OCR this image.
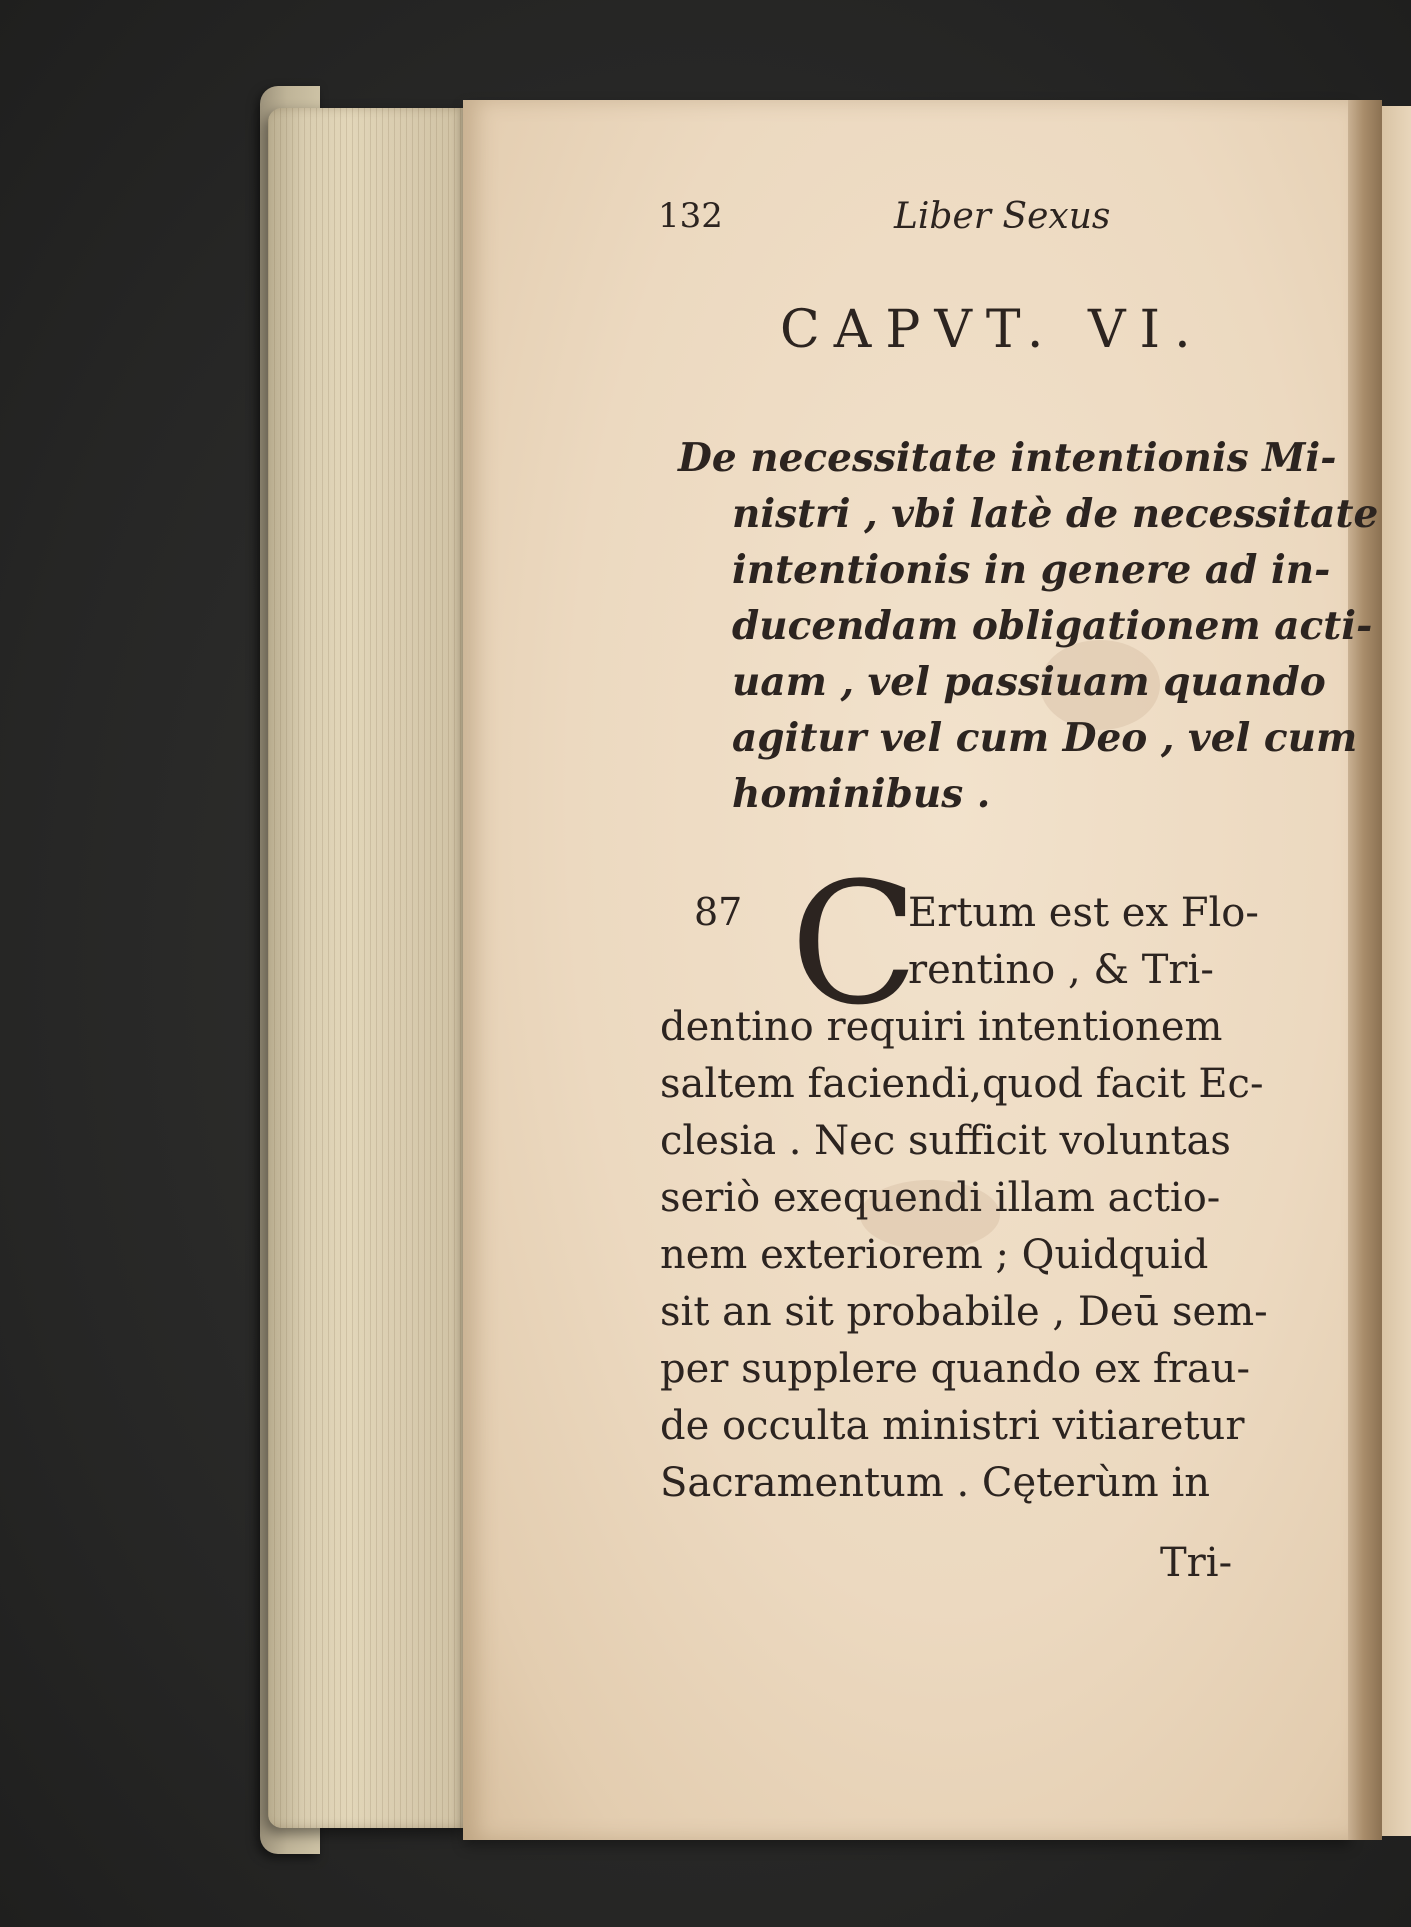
132	Liber Sexus
CAPVT. VI.
De necessitate intentionis Mi-
nistri , vbi latè de necessitate
intentionis in genere ad in-
ducendam obligationem acti-
uam , vel passiuam quando
agitur vel cum Deo , vel cum
hominibus .
87 C
Ertum est ex Flo-
rentino , & Tri-
dentino requiri intentionem
saltem faciendi,quod facit Ec-
clesia . Nec sufficit voluntas
seriò exequendi illam actio-
nem exteriorem ; Quidquid
sit an sit probabile , Deū sem-
per supplere quando ex frau-
de occulta ministri vitiaretur
Sacramentum . Cęterùm in
Tri-
